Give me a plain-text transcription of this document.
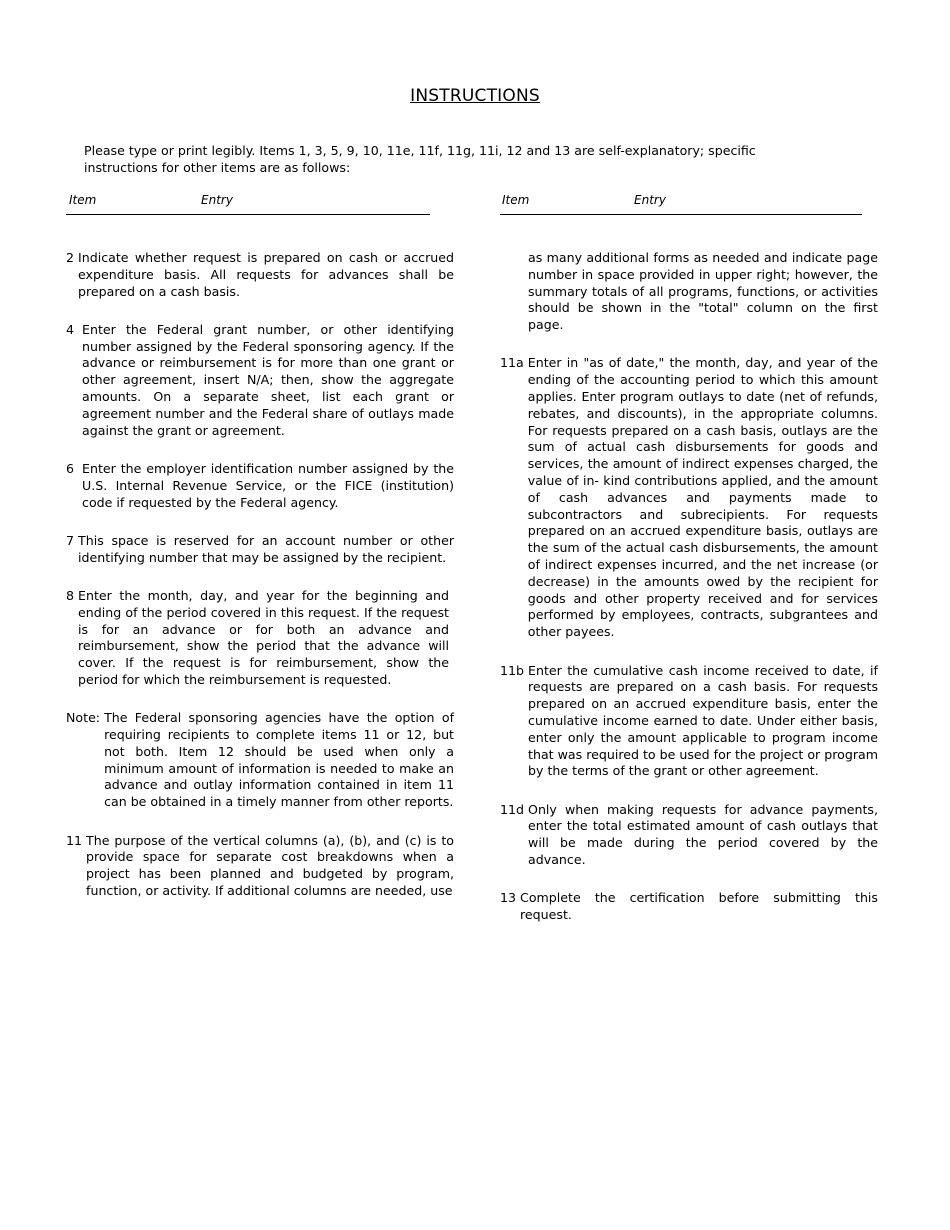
INSTRUCTIONS
Please type or print legibly. Items 1, 3, 5, 9, 10, 11e, 11f, 11g, 11i, 12 and 13 are self-explanatory; specific instructions for other items are as follows:
Item	Entry	Item	Entry
2 Indicate whether request is prepared on cash or accrued expenditure basis. All requests for advances shall be prepared on a cash basis.
4 Enter the Federal grant number, or other identifying number assigned by the Federal sponsoring agency. If the advance or reimbursement is for more than one grant or other agreement, insert N/A; then, show the aggregate amounts. On a separate sheet, list each grant or agreement number and the Federal share of outlays made against the grant or agreement.
6 Enter the employer identification number assigned by the U.S. Internal Revenue Service, or the FICE (institution) code if requested by the Federal agency.
7 This space is reserved for an account number or other identifying number that may be assigned by the recipient.
8 Enter the month, day, and year for the beginning and ending of the period covered in this request. If the request is for an advance or for both an advance and reimbursement, show the period that the advance will cover. If the request is for reimbursement, show the period for which the reimbursement is requested.
Note: The Federal sponsoring agencies have the option of requiring recipients to complete items 11 or 12, but not both. Item 12 should be used when only a minimum amount of information is needed to make an advance and outlay information contained in item 11 can be obtained in a timely manner from other reports.
11 The purpose of the vertical columns (a), (b), and (c) is to provide space for separate cost breakdowns when a project has been planned and budgeted by program, function, or activity. If additional columns are needed, use
as many additional forms as needed and indicate page number in space provided in upper right; however, the summary totals of all programs, functions, or activities should be shown in the "total" column on the first page.
11a Enter in "as of date," the month, day, and year of the ending of the accounting period to which this amount applies. Enter program outlays to date (net of refunds, rebates, and discounts), in the appropriate columns. For requests prepared on a cash basis, outlays are the sum of actual cash disbursements for goods and services, the amount of indirect expenses charged, the value of in- kind contributions applied, and the amount of cash advances and payments made to subcontractors and subrecipients. For requests prepared on an accrued expenditure basis, outlays are the sum of the actual cash disbursements, the amount of indirect expenses incurred, and the net increase (or decrease) in the amounts owed by the recipient for goods and other property received and for services performed by employees, contracts, subgrantees and other payees.
11b Enter the cumulative cash income received to date, if requests are prepared on a cash basis. For requests prepared on an accrued expenditure basis, enter the cumulative income earned to date. Under either basis, enter only the amount applicable to program income that was required to be used for the project or program by the terms of the grant or other agreement.
11d Only when making requests for advance payments, enter the total estimated amount of cash outlays that will be made during the period covered by the advance.
13 Complete the certification before submitting this request.
